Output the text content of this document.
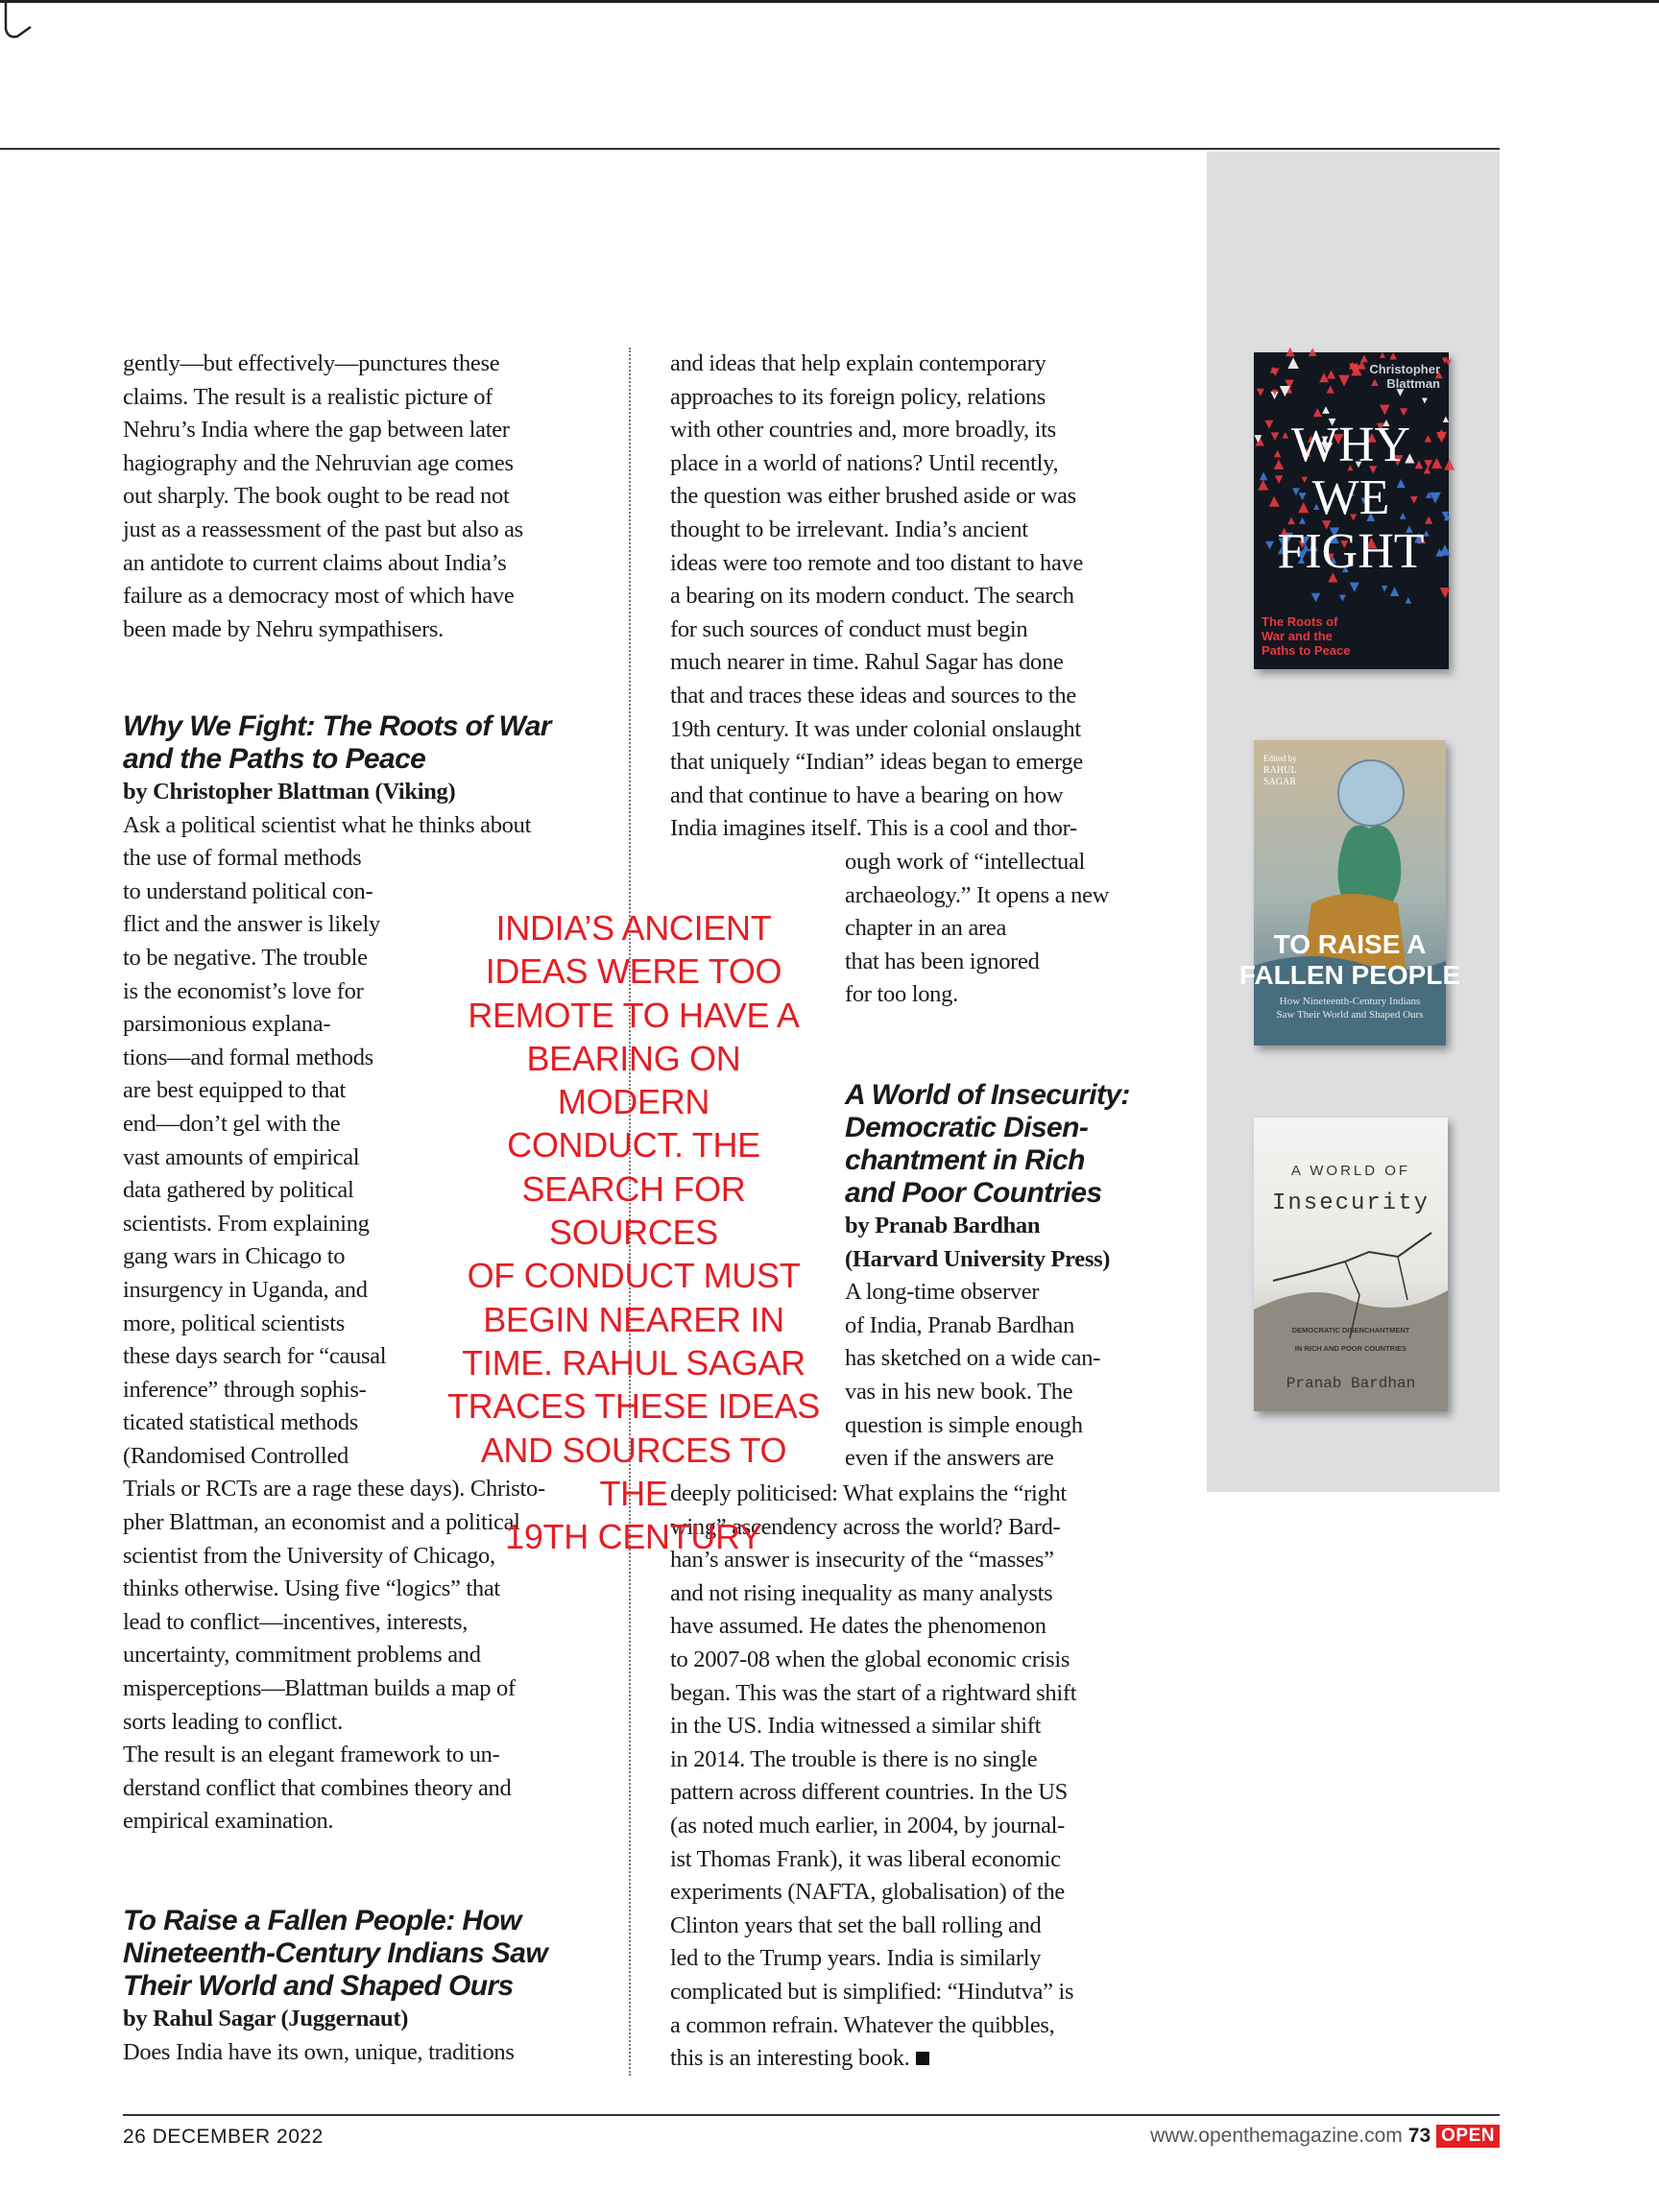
gently—but effectively—punctures these
claims. The result is a realistic picture of
Nehru’s India where the gap between later
hagiography and the Nehruvian age comes
out sharply. The book ought to be read not
just as a reassessment of the past but also as
an antidote to current claims about India’s
failure as a democracy most of which have
been made by Nehru sympathisers.
Why We Fight: The Roots of War
and the Paths to Peace

by Christopher Blattman (Viking)

Ask a political scientist what he thinks about
the use of formal methods
to understand political con-
flict and the answer is likely
to be negative. The trouble
is the economist’s love for
parsimonious explana-
tions—and formal methods
are best equipped to that
end—don’t gel with the
vast amounts of empirical
data gathered by political
scientists. From explaining
gang wars in Chicago to
insurgency in Uganda, and
more, political scientists
these days search for “causal
inference” through sophis-
ticated statistical methods
(Randomised Controlled
Trials or RCTs are a rage these days). Christo-
pher Blattman, an economist and a political
scientist from the University of Chicago,
thinks otherwise. Using five “logics” that
lead to conflict—incentives, interests,
uncertainty, commitment problems and
misperceptions—Blattman builds a map of
sorts leading to conflict.
The result is an elegant framework to un-
derstand conflict that combines theory and
empirical examination.
To Raise a Fallen People: How
Nineteenth-Century Indians Saw
Their World and Shaped Ours

by Rahul Sagar (Juggernaut)

Does India have its own, unique, traditions
and ideas that help explain contemporary
approaches to its foreign policy, relations
with other countries and, more broadly, its
place in a world of nations? Until recently,
the question was either brushed aside or was
thought to be irrelevant. India’s ancient
ideas were too remote and too distant to have
a bearing on its modern conduct. The search
for such sources of conduct must begin
much nearer in time. Rahul Sagar has done
that and traces these ideas and sources to the
19th century. It was under colonial onslaught
that uniquely “Indian” ideas began to emerge
and that continue to have a bearing on how
India imagines itself. This is a cool and thor-
ough work of “intellectual
archaeology.” It opens a new
chapter in an area
that has been ignored
for too long.
A World of Insecurity:
Democratic Disen-
chantment in Rich
and Poor Countries
by Pranab Bardhan
(Harvard University Press)
A long-time observer
of India, Pranab Bardhan
has sketched on a wide can-
vas in his new book. The
question is simple enough
even if the answers are
deeply politicised: What explains the “right
wing” ascendency across the world? Bard-
han’s answer is insecurity of the “masses”
and not rising inequality as many analysts
have assumed. He dates the phenomenon
to 2007-08 when the global economic crisis
began. This was the start of a rightward shift
in the US. India witnessed a similar shift
in 2014. The trouble is there is no single
pattern across different countries. In the US
(as noted much earlier, in 2004, by journal-
ist Thomas Frank), it was liberal economic
experiments (NAFTA, globalisation) of the
Clinton years that set the ball rolling and
led to the Trump years. India is similarly
complicated but is simplified: “Hindutva” is
a common refrain. Whatever the quibbles,
this is an interesting book.
INDIA’S ANCIENT
IDEAS WERE TOO
REMOTE TO HAVE A
BEARING ON MODERN
CONDUCT. THE
SEARCH FOR SOURCES
OF CONDUCT MUST
BEGIN NEARER IN
TIME. RAHUL SAGAR
TRACES THESE IDEAS
AND SOURCES TO THE
19TH CENTURY
Christopher
Blattman
WHY
WE
FIGHT
The Roots of
War and the
Paths to Peace
Edited by
RAHUL
SAGAR
TO RAISE A
FALLEN PEOPLE
How Nineteenth-Century Indians
Saw Their World and Shaped Ours
A WORLD OF
Insecurity
DEMOCRATIC DISENCHANTMENT
IN RICH AND POOR COUNTRIES
Pranab Bardhan
26 DECEMBER 2022	www.openthemagazine.com 73 OPEN
